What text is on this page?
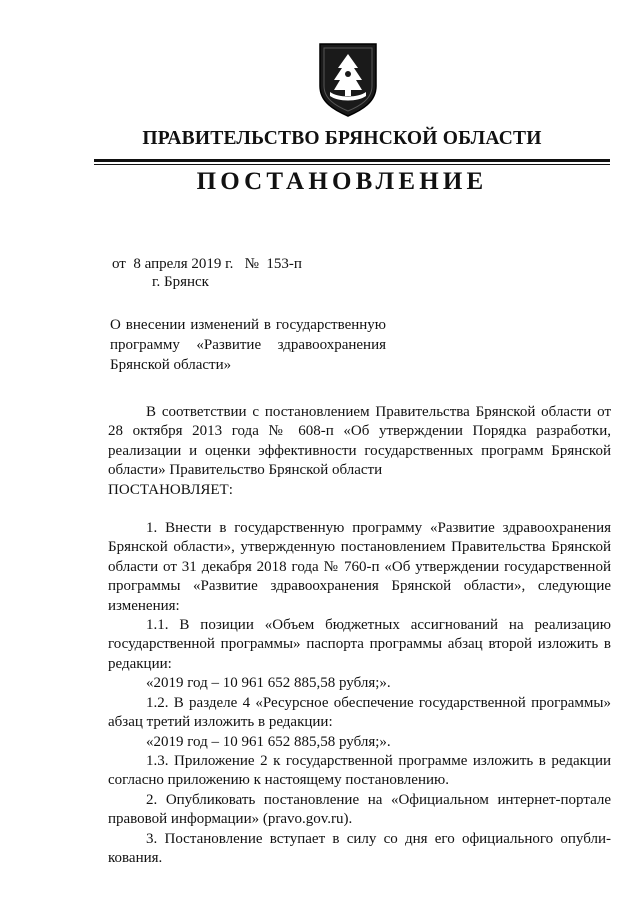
ПРАВИТЕЛЬСТВО БРЯНСКОЙ ОБЛАСТИ
ПОСТАНОВЛЕНИЕ
от  8 апреля 2019 г.   №  153-п
г. Брянск
О внесении изменений в государственную
программу «Развитие здравоохранения
Брянской области»

В соответствии с постановлением Правительства Брянской области от 28 октября 2013 года № 608-п «Об утверждении Порядка разработки, реализации и оценки эффективности государственных программ Брянской области» Правительство Брянской области

ПОСТАНОВЛЯЕТ:

1. Внести в государственную программу «Развитие здравоохранения Брянской области», утвержденную постановлением Правительства Брянской области от 31 декабря 2018 года № 760-п «Об утверждении государственной программы «Развитие здравоохранения Брянской области», следующие изменения:

1.1. В позиции «Объем бюджетных ассигнований на реализацию государственной программы» паспорта программы абзац второй изложить в редакции:

«2019 год – 10 961 652 885,58 рубля;».

1.2. В разделе 4 «Ресурсное обеспечение государственной программы» абзац третий изложить в редакции:

«2019 год – 10 961 652 885,58 рубля;».

1.3. Приложение 2 к государственной программе изложить в редакции согласно приложению к настоящему постановлению.

2. Опубликовать постановление на «Официальном интернет-портале правовой информации» (pravo.gov.ru).

3. Постановление вступает в силу со дня его официального опубли-кования.
